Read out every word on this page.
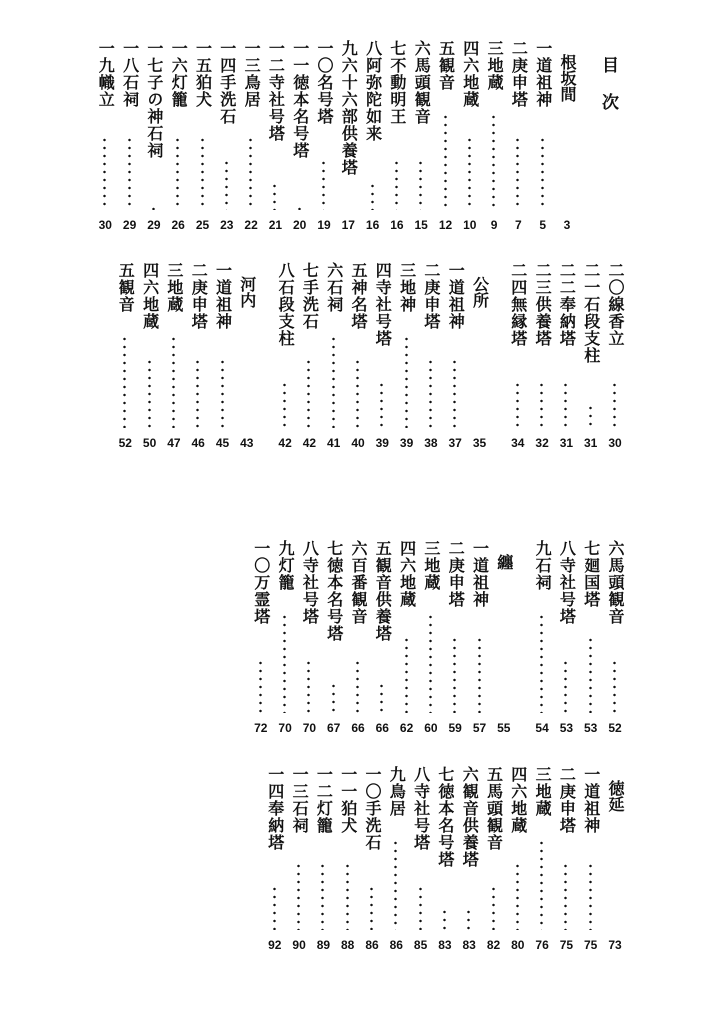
目次
根坂間
3
一道祖神
5
二庚申塔
7
三地蔵
9
四六地蔵
10
五観音
12
六馬頭観音
15
七不動明王
16
八阿弥陀如来
16
九六十六部供養塔
17
一〇名号塔
19
一一徳本名号塔
20
一二寺社号塔
21
一三鳥居
22
一四手洗石
23
一五狛犬
25
一六灯籠
26
一七子の神石祠
29
一八石祠
29
一九幟立
30
二〇線香立
30
二一石段支柱
31
二二奉納塔
31
二三供養塔
32
二四無縁塔
34
公所
35
一道祖神
37
二庚申塔
38
三地神
39
四寺社号塔
39
五神名塔
40
六石祠
41
七手洗石
42
八石段支柱
42
河内
43
一道祖神
45
二庚申塔
46
三地蔵
47
四六地蔵
50
五観音
52
六馬頭観音
52
七廻国塔
53
八寺社号塔
53
九石祠
54
纏
55
一道祖神
57
二庚申塔
59
三地蔵
60
四六地蔵
62
五観音供養塔
66
六百番観音
66
七徳本名号塔
67
八寺社号塔
70
九灯籠
70
一〇万霊塔
72
徳延
73
一道祖神
75
二庚申塔
75
三地蔵
76
四六地蔵
80
五馬頭観音
82
六観音供養塔
83
七徳本名号塔
83
八寺社号塔
85
九鳥居
86
一〇手洗石
86
一一狛犬
88
一二灯籠
89
一三石祠
90
一四奉納塔
92
